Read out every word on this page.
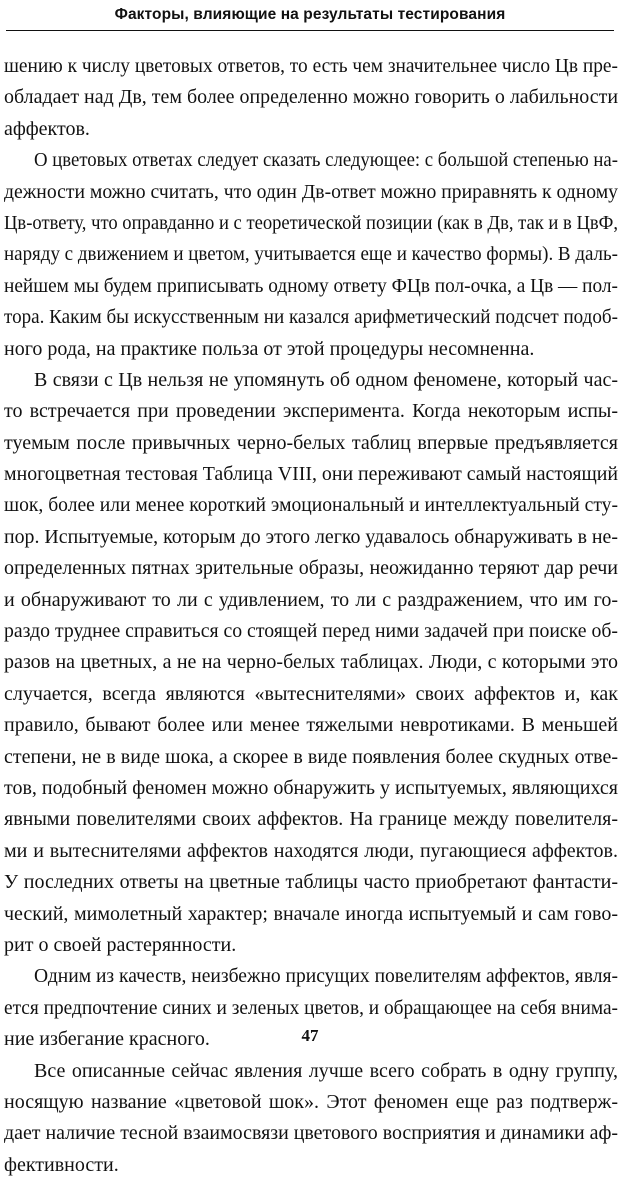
Факторы, влияющие на результаты тестирования
шению к числу цветовых ответов, то есть чем значительнее число Цв пре-
обладает над Дв, тем более определенно можно говорить о лабильности
аффектов.
О цветовых ответах следует сказать следующее: с большой степенью на-
дежности можно считать, что один Дв-ответ можно приравнять к одному
Цв-ответу, что оправданно и с теоретической позиции (как в Дв, так и в ЦвФ,
наряду с движением и цветом, учитывается еще и качество формы). В даль-
нейшем мы будем приписывать одному ответу ФЦв пол-очка, а Цв — пол-
тора. Каким бы искусственным ни казался арифметический подсчет подоб-
ного рода, на практике польза от этой процедуры несомненна.
В связи с Цв нельзя не упомянуть об одном феномене, который час-
то встречается при проведении эксперимента. Когда некоторым испы-
туемым после привычных черно-белых таблиц впервые предъявляется
многоцветная тестовая Таблица VIII, они переживают самый настоящий
шок, более или менее короткий эмоциональный и интеллектуальный сту-
пор. Испытуемые, которым до этого легко удавалось обнаруживать в не-
определенных пятнах зрительные образы, неожиданно теряют дар речи
и обнаруживают то ли с удивлением, то ли с раздражением, что им го-
раздо труднее справиться со стоящей перед ними задачей при поиске об-
разов на цветных, а не на черно-белых таблицах. Люди, с которыми это
случается, всегда являются «вытеснителями» своих аффектов и, как
правило, бывают более или менее тяжелыми невротиками. В меньшей
степени, не в виде шока, а скорее в виде появления более скудных отве-
тов, подобный феномен можно обнаружить у испытуемых, являющихся
явными повелителями своих аффектов. На границе между повелителя-
ми и вытеснителями аффектов находятся люди, пугающиеся аффектов.
У последних ответы на цветные таблицы часто приобретают фантасти-
ческий, мимолетный характер; вначале иногда испытуемый и сам гово-
рит о своей растерянности.
Одним из качеств, неизбежно присущих повелителям аффектов, явля-
ется предпочтение синих и зеленых цветов, и обращающее на себя внима-
ние избегание красного.
Все описанные сейчас явления лучше всего собрать в одну группу,
носящую название «цветовой шок». Этот феномен еще раз подтверж-
дает наличие тесной взаимосвязи цветового восприятия и динамики аф-
фективности.
47
